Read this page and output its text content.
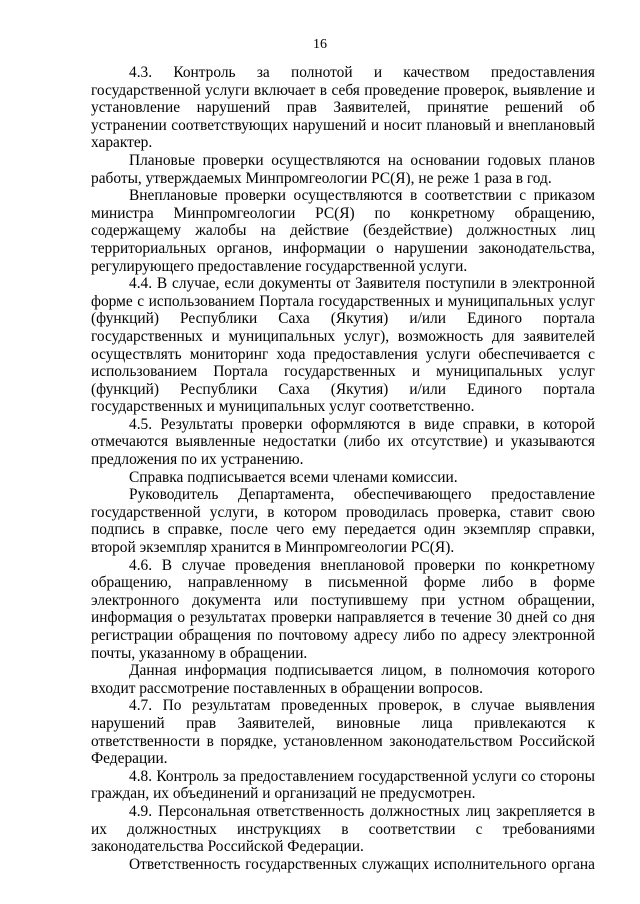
16

4.3. Контроль за полнотой и качеством предоставления государственной услуги включает в себя проведение проверок, выявление и установление нарушений прав Заявителей, принятие решений об устранении соответствующих нарушений и носит плановый и внеплановый характер.

Плановые проверки осуществляются на основании годовых планов работы, утверждаемых Минпромгеологии РС(Я), не реже 1 раза в год.

Внеплановые проверки осуществляются в соответствии с приказом министра Минпромгеологии РС(Я) по конкретному обращению, содержащему жалобы на действие (бездействие) должностных лиц территориальных органов, информации о нарушении законодательства, регулирующего предоставление государственной услуги.

4.4. В случае, если документы от Заявителя поступили в электронной форме с использованием Портала государственных и муниципальных услуг (функций) Республики Саха (Якутия) и/или Единого портала государственных и муниципальных услуг), возможность для заявителей осуществлять мониторинг хода предоставления услуги обеспечивается с использованием Портала государственных и муниципальных услуг (функций) Республики Саха (Якутия) и/или Единого портала государственных и муниципальных услуг соответственно.

4.5. Результаты проверки оформляются в виде справки, в которой отмечаются выявленные недостатки (либо их отсутствие) и указываются предложения по их устранению.

Справка подписывается всеми членами комиссии.

Руководитель Департамента, обеспечивающего предоставление государственной услуги, в котором проводилась проверка, ставит свою подпись в справке, после чего ему передается один экземпляр справки, второй экземпляр хранится в Минпромгеологии РС(Я).

4.6. В случае проведения внеплановой проверки по конкретному обращению, направленному в письменной форме либо в форме электронного документа или поступившему при устном обращении, информация о результатах проверки направляется в течение 30 дней со дня регистрации обращения по почтовому адресу либо по адресу электронной почты, указанному в обращении.

Данная информация подписывается лицом, в полномочия которого входит рассмотрение поставленных в обращении вопросов.

4.7. По результатам проведенных проверок, в случае выявления нарушений прав Заявителей, виновные лица привлекаются к ответственности в порядке, установленном законодательством Российской Федерации.

4.8. Контроль за предоставлением государственной услуги со стороны граждан, их объединений и организаций не предусмотрен.

4.9. Персональная ответственность должностных лиц закрепляется в их должностных инструкциях в соответствии с требованиями законодательства Российской Федерации.

Ответственность государственных служащих исполнительного органа
